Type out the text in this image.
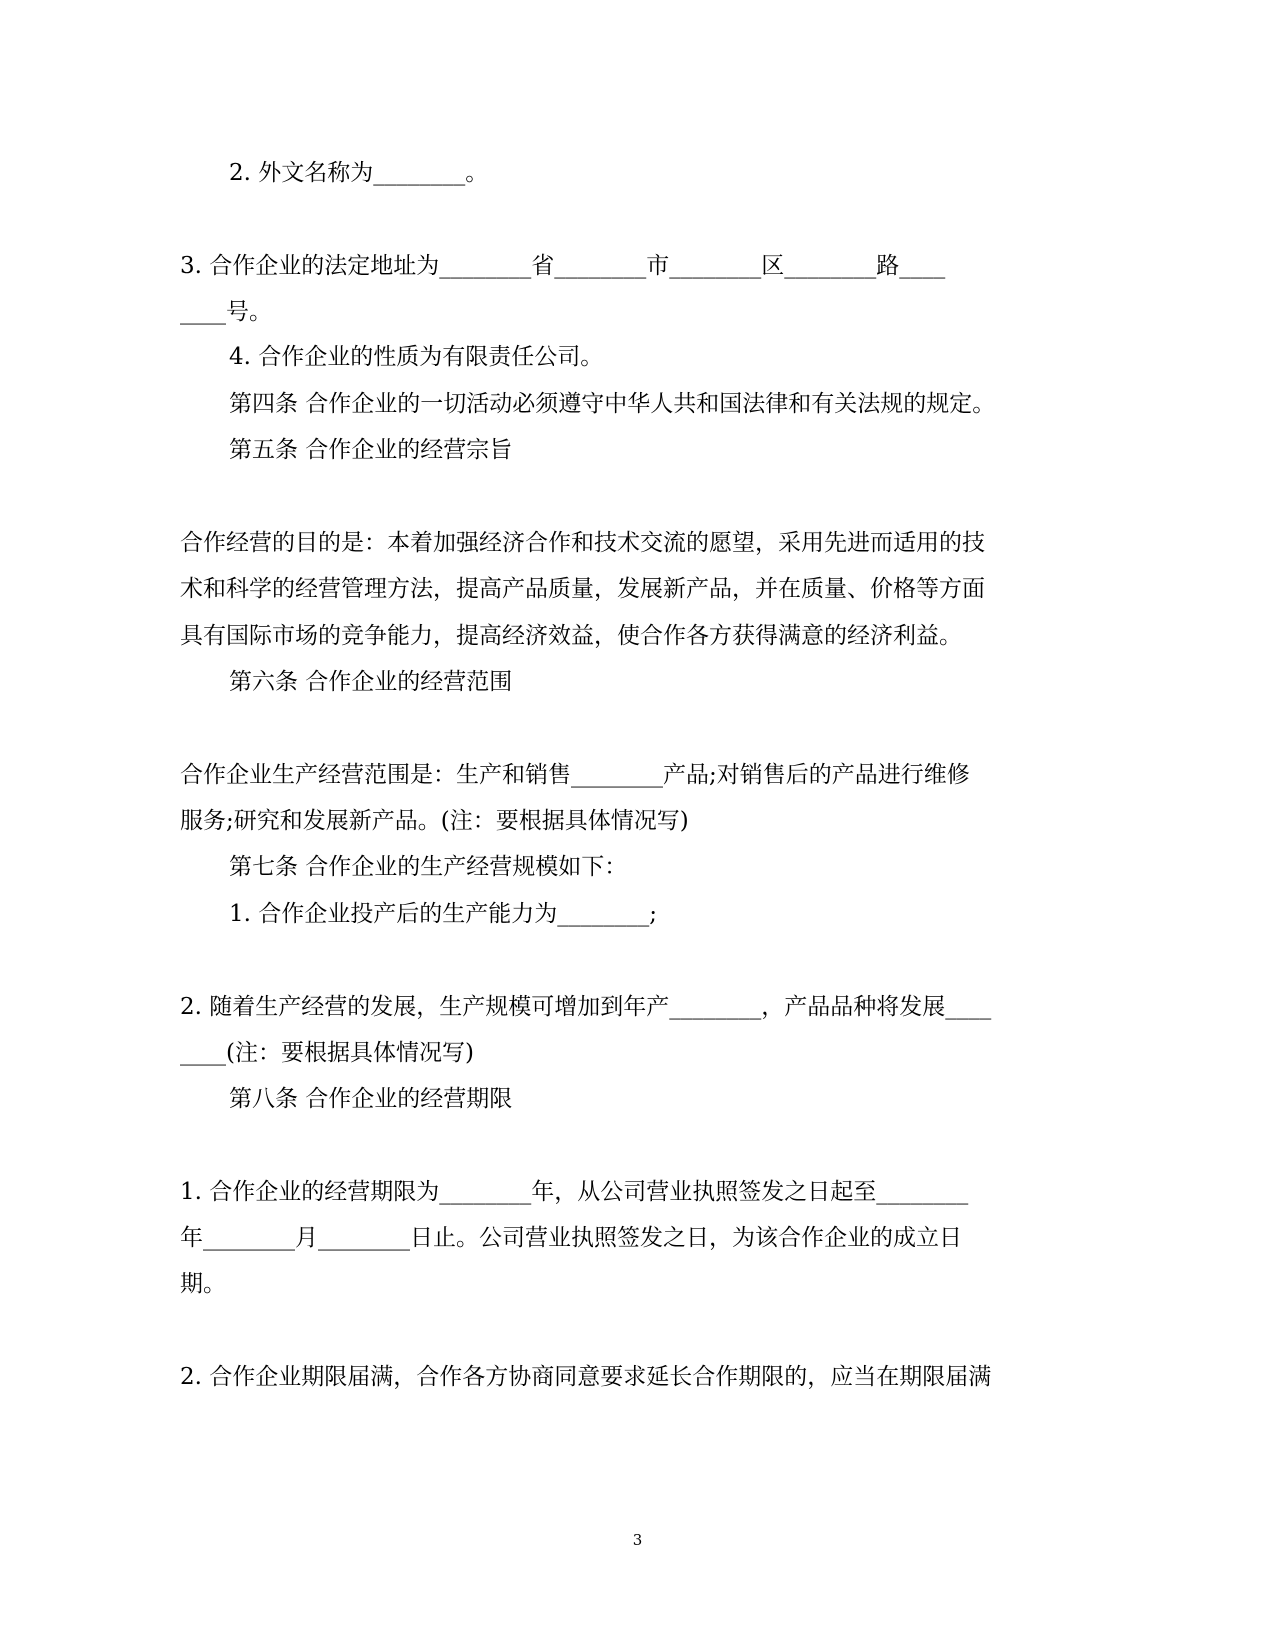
2. 外文名称为________。
3. 合作企业的法定地址为________省________市________区________路____
____号。
4. 合作企业的性质为有限责任公司。
第四条 合作企业的一切活动必须遵守中华人共和国法律和有关法规的规定。
第五条 合作企业的经营宗旨
合作经营的目的是：本着加强经济合作和技术交流的愿望，采用先进而适用的技
术和科学的经营管理方法，提高产品质量，发展新产品，并在质量、价格等方面
具有国际市场的竞争能力，提高经济效益，使合作各方获得满意的经济利益。
第六条 合作企业的经营范围
合作企业生产经营范围是：生产和销售________产品;对销售后的产品进行维修
服务;研究和发展新产品。(注：要根据具体情况写)
第七条 合作企业的生产经营规模如下：
1. 合作企业投产后的生产能力为________;
2. 随着生产经营的发展，生产规模可增加到年产________，产品品种将发展____
____(注：要根据具体情况写)
第八条 合作企业的经营期限
1. 合作企业的经营期限为________年，从公司营业执照签发之日起至________
年________月________日止。公司营业执照签发之日，为该合作企业的成立日
期。
2. 合作企业期限届满，合作各方协商同意要求延长合作期限的，应当在期限届满
3
